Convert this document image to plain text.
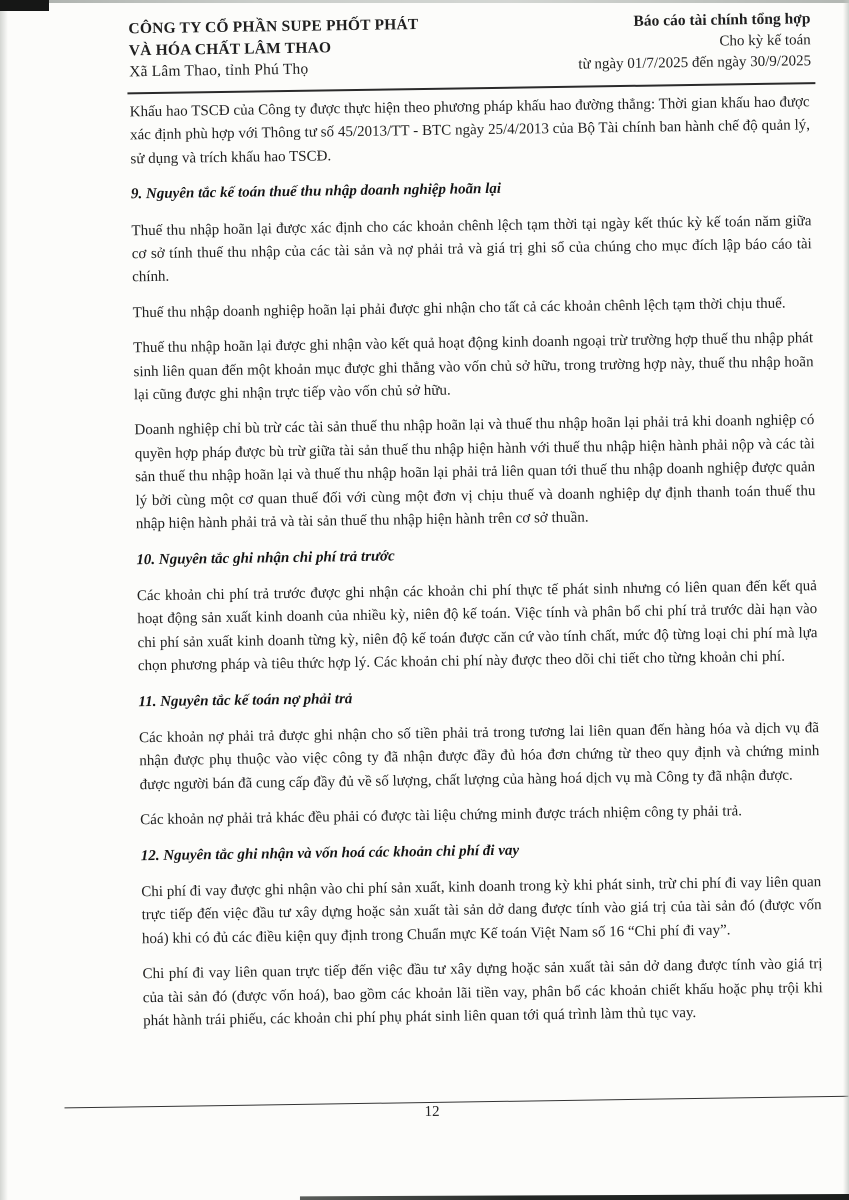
CÔNG TY CỔ PHẦN SUPE PHỐT PHÁT
VÀ HÓA CHẤT LÂM THAO
Xã Lâm Thao, tỉnh Phú Thọ
Báo cáo tài chính tổng hợp
Cho kỳ kế toán
từ ngày 01/7/2025 đến ngày 30/9/2025

Khấu hao TSCĐ của Công ty được thực hiện theo phương pháp khấu hao đường thẳng: Thời gian khấu hao được xác định phù hợp với Thông tư số 45/2013/TT - BTC ngày 25/4/2013 của Bộ Tài chính ban hành chế độ quản lý, sử dụng và trích khấu hao TSCĐ.

9. Nguyên tắc kế toán thuế thu nhập doanh nghiệp hoãn lại

Thuế thu nhập hoãn lại được xác định cho các khoản chênh lệch tạm thời tại ngày kết thúc kỳ kế toán năm giữa cơ sở tính thuế thu nhập của các tài sản và nợ phải trả và giá trị ghi sổ của chúng cho mục đích lập báo cáo tài chính.

Thuế thu nhập doanh nghiệp hoãn lại phải được ghi nhận cho tất cả các khoản chênh lệch tạm thời chịu thuế.

Thuế thu nhập hoãn lại được ghi nhận vào kết quả hoạt động kinh doanh ngoại trừ trường hợp thuế thu nhập phát sinh liên quan đến một khoản mục được ghi thẳng vào vốn chủ sở hữu, trong trường hợp này, thuế thu nhập hoãn lại cũng được ghi nhận trực tiếp vào vốn chủ sở hữu.

Doanh nghiệp chỉ bù trừ các tài sản thuế thu nhập hoãn lại và thuế thu nhập hoãn lại phải trả khi doanh nghiệp có quyền hợp pháp được bù trừ giữa tài sản thuế thu nhập hiện hành với thuế thu nhập hiện hành phải nộp và các tài sản thuế thu nhập hoãn lại và thuế thu nhập hoãn lại phải trả liên quan tới thuế thu nhập doanh nghiệp được quản lý bởi cùng một cơ quan thuế đối với cùng một đơn vị chịu thuế và doanh nghiệp dự định thanh toán thuế thu nhập hiện hành phải trả và tài sản thuế thu nhập hiện hành trên cơ sở thuần.

10. Nguyên tắc ghi nhận chi phí trả trước

Các khoản chi phí trả trước được ghi nhận các khoản chi phí thực tế phát sinh nhưng có liên quan đến kết quả hoạt động sản xuất kinh doanh của nhiều kỳ, niên độ kế toán. Việc tính và phân bổ chi phí trả trước dài hạn vào chi phí sản xuất kinh doanh từng kỳ, niên độ kế toán được căn cứ vào tính chất, mức độ từng loại chi phí mà lựa chọn phương pháp và tiêu thức hợp lý. Các khoản chi phí này được theo dõi chi tiết cho từng khoản chi phí.

11. Nguyên tắc kế toán nợ phải trả

Các khoản nợ phải trả được ghi nhận cho số tiền phải trả trong tương lai liên quan đến hàng hóa và dịch vụ đã nhận được phụ thuộc vào việc công ty đã nhận được đầy đủ hóa đơn chứng từ theo quy định và chứng minh được người bán đã cung cấp đầy đủ về số lượng, chất lượng của hàng hoá dịch vụ mà Công ty đã nhận được.

Các khoản nợ phải trả khác đều phải có được tài liệu chứng minh được trách nhiệm công ty phải trả.

12. Nguyên tắc ghi nhận và vốn hoá các khoản chi phí đi vay

Chi phí đi vay được ghi nhận vào chi phí sản xuất, kinh doanh trong kỳ khi phát sinh, trừ chi phí đi vay liên quan trực tiếp đến việc đầu tư xây dựng hoặc sản xuất tài sản dở dang được tính vào giá trị của tài sản đó (được vốn hoá) khi có đủ các điều kiện quy định trong Chuẩn mực Kế toán Việt Nam số 16 “Chi phí đi vay”.

Chi phí đi vay liên quan trực tiếp đến việc đầu tư xây dựng hoặc sản xuất tài sản dở dang được tính vào giá trị của tài sản đó (được vốn hoá), bao gồm các khoản lãi tiền vay, phân bổ các khoản chiết khấu hoặc phụ trội khi phát hành trái phiếu, các khoản chi phí phụ phát sinh liên quan tới quá trình làm thủ tục vay.

12
